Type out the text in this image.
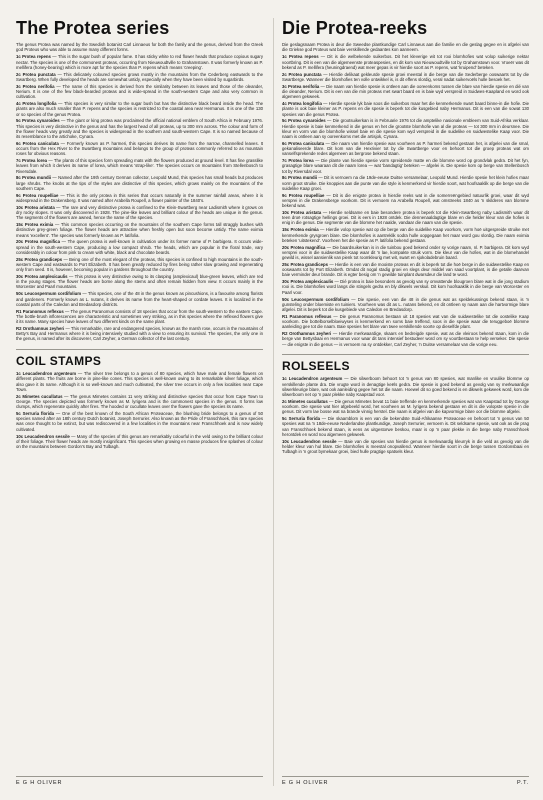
The Protea series

The genus Protea was named by the Swedish botanist Carl Linnaeus for both the family and the genus, derived from the Greek god Proteus who was able to assume many different forms.

1c Protea repens — This is the sugar bush of popular fame. It has sticky white to red flower heads that produce copious sugary nectar. The species is one of the commonest proteas, occurring from Nieuwoudtville to Grahamstown. It was formerly known as P. mellifera (honey-bearing) which is more apt for the species than P. repens which means 'creeping'.

2c Protea punctata — This delicately coloured species grows mostly in the mountains from the Cederberg eastwards to the Swartberg. When fully developed the heads are somewhat untidy, especially when they have been visited by sugarbirds.

3c Protea nerifolia — The name of this species is derived from the similarity between its leaves and those of the oleander, Nerium. It is one of the few black-bearded proteas and is wide-spread in the south-western Cape and also very common in cultivation.

4c Protea longifolia — This species is very similar to the sugar bush but has the distinctive black beard inside the head. The plants are also much smaller than P. repens and the species is restricted to the coastal area near Hermanus. It is one of the 130 or so species of the genus Protea.

5c Protea cynaroides — The giant or king protea was proclaimed the official national emblem of South Africa in February 1976. This species is very distinctive in the genus and has the largest head of all proteas, up to 300 mm across. The colour and form of the flower heads vary greatly and the species is widespread in the southern and south-western Cape. It is so named because of its resemblance to the artichoke, Cynara.

6c Protea caniculata — Formerly known as P. harmeri, this species derives its name from the narrow, channelled leaves. It occurs from the Hex River to the Swartberg mountains and belongs to the group of proteas commonly referred to as mountain roses for obvious reasons.

7c Protea lorea — The plants of this species form spreading mats with the flowers produced at ground level. It has fine grasslike leaves from which it derives its name of lorea, which means 'strap-like'. The species occurs on mountains from Stellenbosch to Riversdale.

8c Protea mundii — Named after the 19th century German collector, Leopold Mund, this species has small heads but produces large shrubs. The knobs at the tips of the styles are distinctive of this species, which grows mainly on the mountains of the southern Cape.

9c Protea roupelliae — This is the only protea in this series that occurs naturally in the summer rainfall areas, where it is widespread in the Drakensberg. It was named after Arabella Roupell, a flower painter of the 1840's.

10c Protea aristata — The rare and very distinctive protea is confined to the Klein-Swartberg near Ladismith where it grows on dry rocky slopes. It was only discovered in 1928. The pine-like leaves and brilliant colour of the heads are unique in the genus. The segments of the flowers are awned, hence the name of the species.

15c Protea eximia — This common species occurring on the mountains of the southern Cape forms tall straggly bushes with distinctive grey-green foliage. The flower heads are attractive when freshly open but soon become untidy. The name eximia means 'excellent'. The species was formerly known as P. latifolia.

20c Protea magnifica — The queen protea is well-known in cultivation under its former name of P. barbigera. It occurs wide-spread in the south-western Cape, producing a low compact shrub. The heads, which are popular in the floral trade, vary considerably in colour from pink to cream with white, black and chocolate beards.

25c Protea grandiceps — Being one of the most elegant of the proteas, this species is confined to high mountains in the south-western Cape and eastwards to Port Elizabeth. It has been greatly reduced by fires being rather slow growing and regenerating only from seed. It is, however, becoming popular in gardens throughout the country.

30c Protea amplexicaulis — This protea is very distinctive owing to its clasping (amplexicaul) blue-green leaves, which are red in the young stages. The flower heads are borne along the stems and often remain hidden from view. It occurs mainly in the Worcester and Paarl mountains.

50c Leucospermum cordifolium — This species, one of the 48 in the genus known as pincushions, is a favourite among florists and gardeners. Formerly known as L. nutans, it derives its name from the heart-shaped or cordate leaves. It is localized in the coastal parts of the Caledon and Bredasdorp districts.

R1 Paranomus reflexus — The genus Paranomus consists of 18 species that occur from the south-western to the eastern Cape. The bottle-brush inflorescences are characteristic and sometimes very striking, as in this species where the reflexed flowers give it its name. Many species have leaves of two different kinds on the same plant.

R2 Orothamnus zeyheri — This remarkable, rare and endangered species, known as the marsh rose, occurs in the mountains of Betty's Bay and Hermanus where it is being intensively studied with a view to ensuring its survival. The species, the only one in the genus, is named after its discoverer, Carl Zeyher, a German collector of the last century.

COIL STAMPS

1c Leucadendron argenteum — The silver tree belongs to a genus of 80 species, which have male and female flowers on different plants. The fruits are borne in pine-like cones. This species is well-known owing to its remarkable silver foliage, which also gave it its name. Although it is so well-known and much cultivated, the silver tree occurs in only a few localities near Cape Town.

2c Mimetes cucullatus — The genus Mimetes contains 11 very striking and distinctive species that occur from Cape Town to George. The species depicted was formerly known as M. lyrigera and is the commonest species in the genus. It forms low clumps, which regenerate quickly after fires. The hooded or cucullate leaves over the flowers gave the species its name.

5c Serruria florida — One of the best known of the South African Proteaceae, the blushing bride belongs to a genus of 50 species named after an 18th century Dutch botanist, Joseph Serrurier. Also known as the Pride of Franschhoek, this rare species was once thought to be extinct, but was rediscovered in a few localities in the mountains near Franschhoek and is now widely cultivated.

10c Leucadendron sessile — Many of the species of this genus are remarkably colourful in the veld owing to the brilliant colour of their foliage. Their flower heads are mostly insignificant. This species when growing en masse produces fine splashes of colour on the mountains between Gordon's Bay and Tulbagh.

E G H OLIVER
Die Protea-reeks

Die geslagsnaam Protea is deur die Sweedse plantkundige Carl Linnaeus aan die familie en die geslag gegee en is afgelei van die Griekse god Proteus wat baie verskillende gedaantes kon aanneem.

1c Protea repens — Dit is die welbekende suikerbos. Dit het kleverige wit tot rooi blomhofies wat volop suikerige nektar voortbring. Dit is een van die algemeenste proteaspesies, en dit kom van Nieuwoudtville tot by Grahamstown voor. Vroeër was dit bekend as P. mellifera (heuningdraend) wat meer gepas is vir hierdie soort as P. repens, wat 'kruipend' beteken.

2c Protea punctata — Hierdie delikaat gekleurde spesie groei meestal in die berge van die Sederberge ooswaarts tot by die Swartberge. Wanneer die blomhofies ten volle ontwikkel is, is dit effens slordig, veral nadat suikervoëls hulle besoek het.

3c Protea nerifolia — Die naam van hierdie spesie is ontleen aan die ooreenkoms tussen die blare van hierdie spesie en dié van die oleander, Nerium. Dit is een van die min proteas met swart baard en is baie wyd verspreid in Suidwes-Kaapland en word ook algemeen gekweek.

4c Protea longifolia — Hierdie spesie lyk baie soos die suikerbos maar het die kenmerkende swart baard binne-in die hofie. Die plante is ook baie kleiner as P. repens en die spesie is beperk tot die kusgebied naby Hermanus. Dit is een van die sowat 130 spesies van die genus Protea.

5c Protea cynaroides — Die grootsuikerkan is in Februarie 1976 tot die amptelike nasionale embleem van Suid-Afrika verklaar. Hierdie spesie is baie kenmerkend in die genus en het die grootste blomhofie van al die proteas — tot 300 mm in deursnee. Die kleur en vorm van die blomhofie wissel baie en die spesie kom wyd verspreid in die suidelike en suidwestelike Kaap voor. Die naam is ontleen aan sy ooreenkoms met die artisjok, Cynara.

6c Protea caniculata — Die naam van hierdie spesie was voorheen as P. harmeri bekend gestaan het, is afgelei van die smal, gekanaliseerde blare. Dit kom van die Hexrivier tot by die Swartberge voor en behoort tot die groep proteas wat om vanselfsprekende redes algemeen as bergrose bekend staan.

7c Protea lorea — Die plante van hierdie spesie vorm spreidende matte en die blomme word op grondvlak gedra. Dit het fyn, grasagtige blare waaraan dit die naam lorea — wat 'bandagtig' beteken — afgelei is. Die spesie kom op berge van Stellenbosch tot by Riversdal voor.

8c Protea mundii — Dit is vernoem na die 19de-eeuse Duitse versamelaar, Leopold Mund. Hierdie spesie het klein hofies maar vorm groot struike. Die knoppies aan die punte van die style is kenmerkend vir hierdie soort, wat hoofsaaklik op die berge van die suidelike Kaap groei.

9c Protea roupelliae — Dit is die enigste protea in hierdie reeks wat in die somerreëngebied natuurlik groei, waar dit wyd versprei in die Drakensberge voorkom. Dit is vernoem na Arabella Roupell, wat omstreeks 1840 as 'n skilderes van blomme bekend was.

10c Protea aristata — Hierdie seldsame en baie besondere protea is beperk tot die Klein-Swartberg naby Ladismith waar dit teen droë rotsagtige hellings groei. Dit is eers in 1928 ontdek. Die dennenaaldagtige blare en die helder kleur van die hofies is enig in die genus. Die segmente van die blomme het naalde, vandaar die naam van die spesie.

15c Protea eximia — Hierdie volop spesie wat op die berge van die suidelike Kaap voorkom, vorm hoë uitgespreide struike met kenmerkende grysgroen blare. Die blomhofies is aantreklik sodra hulle oopgegaan het maar word gou slordig. Die naam eximia beteken 'uitstekend'. Voorheen het die spesie as P. latifolia bekend gestaan.

20c Protea magnifica — Die baardsuikerkan is in die tuinbou goed bekend onder sy vorige naam, nl. P. barbigera. Dit kom wyd versprei voor in die suidwestelike Kaap waar dit 'n lae, kompakte struik vorm. Die kleur van die hofies, wat in die blomehandel gewild is, wissel aansienlik van pienk tot roomkleurig met wit, swart en sjokoladebruin baard.

25c Protea grandiceps — Hierdie is een van die mooiste proteas en dit is beperk tot die hoë berge in die suidwestelike Kaap en ooswaarts tot by Port Elizabeth. Omdat dit nogal stadig groei en slegs deur middel van saad voortplant, is die getalle daarvan baie verminder deur brande. Dit is egter besig om 'n gewilde tuinplant dwarsdeur die land te word.

30c Protea amplexicaulis — Dié protea is baie besonders as gevolg van sy omvattende blougroen blare wat in die jong stadium rooi is. Die blomhofies word langs die stingels gedra en bly dikwels verskuil. Dit kom hoofsaaklik in die berge van Worcester en Paarl voor.

50c Leucospermum cordifolium — Die spesie, een van die 48 in die genus wat as speldekussings bekend staan, is 'n gunsteling onder bloemiste en tuiniers. Voorheen was dit as L. nutans bekend, en dit ontleen sy naam aan die hartvormige blare afgelei. Dit is beperk tot die kusgebiede van Caledon en Bredasdorp.

R1 Paranomus reflexus — Die genus Paranomus bestaan uit 18 spesies wat van die suidwestelike tot die oostelike Kaap voorkom. Die bottelborselbloeiwyses is kenmerkend en soms baie treffend, soos in die spesie waar die teruggeboë blomme aanleiding gee tot die naam. Baie spesies het blare van twee verskillende soorte op dieselfde plant.

R2 Orothamnus zeyheri — Hierdie merkwaardige, skaars en bedreigde spesie, wat as die vleiroos bekend staan, kom in die berge van Bettysbaai en Hermanus voor waar dit tans intensief bestudeer word om sy voortbestaan te help verseker. Die spesie — die enigste in die genus — is vernoem na sy ontdekker, Carl Zeyher, 'n Duitse versamelaar van die vorige eeu.

ROLSEELS

1c Leucadendron argenteum — Die silwerboom behoort tot 'n genus van 80 spesies, wat manlike en vroulike blomme op verskillende plante dra. Die vrugte word in denagtige keëls gedra. Die spesie is goed bekend as gevolg van sy merkwaardige silwerkleurige blare, wat ook aanleiding gegee het tot die naam. Hoewel dit so goed bekend is en dikwels gekweek word, kom die silwerboom net op 'n paar plekke naby Kaapstad voor.

2c Mimetes cucullatus — Die genus Mimetes bevat 11 baie treffende en kenmerkende spesies wat van Kaapstad tot by George voorkom. Die spesie wat hier afgebeeld word, het voorheen as M. lyrigera bekend gestaan en dit is die volopste spesie in die genus. Dit vorm lae bosse wat na brande vinnig herstel. Die naam is afgelei van die kapvormige blare oor die blomme afgelei.

5c Serruria florida — Die skaamblom is een van die bekendste Suid-Afrikaanse Proteaceae en behoort tot 'n genus van 50 spesies wat na 'n 18de-eeuse Nederlandse plantkundige, Joseph Serrurier, vernoem is. Dit seldsame spesie, wat ook as die prag van Franschhoek bekend staan, is eens as uitgestorwe beskou, maar is op 'n paar plekke in die berge naby Franschhoek herontdek en word nou algemeen gekweek.

10c Leucadendron sessile — Baie van die spesies van hierdie genus is merkwaardig kleurryk in die veld as gevolg van die helder kleur van hul blare. Die blomhofies is meestal onopvallend. Wanneer hierdie soort in die berge tussen Gordonsbaai en Tulbagh in 'n groot bymekaar groei, bied hulle pragtige spatsels kleur.

E G H OLIVER	P.T.
